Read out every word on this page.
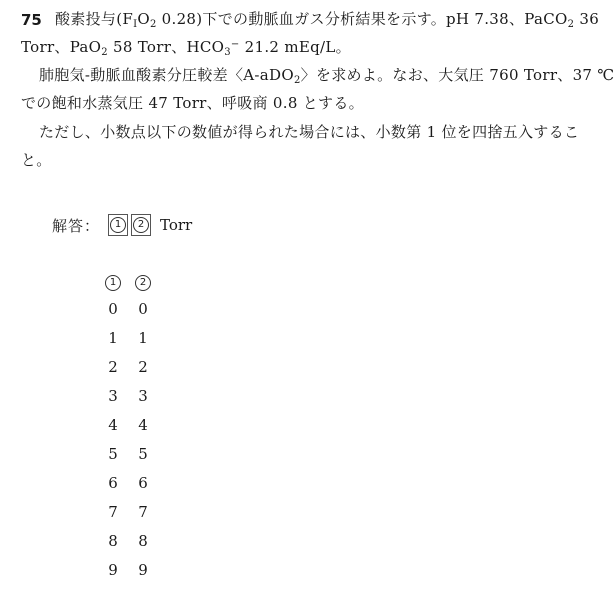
75 酸素投与($F_IO_2$ 0.28)下での動脈血ガス分析結果を示す。pH 7.38、PaCO$_2$ 36
Torr、PaO$_2$ 58 Torr、$HCO_3^-$ 21.2 mEq/L。
肺胞気-動脈血酸素分圧較差〈A-aDO$_2$〉を求めよ。なお、大気圧 760 Torr、37 ℃
での飽和水蒸気圧 47 Torr、呼吸商 0.8 とする。
ただし、小数点以下の数値が得られた場合には、小数第 1 位を四捨五入するこ
と。
解答：	1	2	Torr
1	2
0	0
1	1
2	2
3	3
4	4
5	5
6	6
7	7
8	8
9	9
